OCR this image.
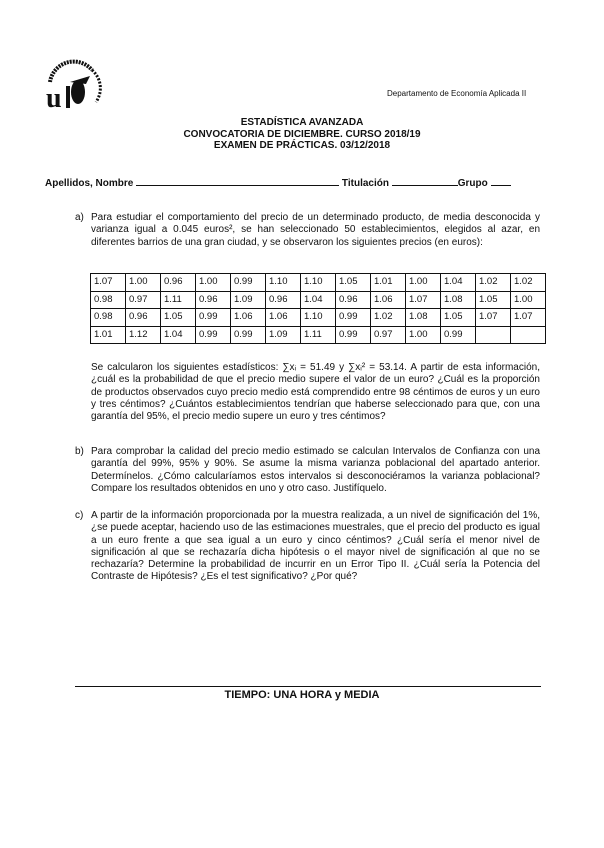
u	Departamento de Economía Aplicada II
ESTADÍSTICA AVANZADA
CONVOCATORIA DE DICIEMBRE. CURSO 2018/19
EXAMEN DE PRÁCTICAS. 03/12/2018
Apellidos, Nombre	Titulación	Grupo
a) Para estudiar el comportamiento del precio de un determinado producto, de media desconocida y varianza igual a 0.045 euros², se han seleccionado 50 establecimientos, elegidos al azar, en diferentes barrios de una gran ciudad, y se observaron los siguientes precios (en euros):
1.07	1.00	0.96	1.00	0.99	1.10	1.10	1.05	1.01	1.00	1.04	1.02	1.02
0.98	0.97	1.11	0.96	1.09	0.96	1.04	0.96	1.06	1.07	1.08	1.05	1.00
0.98	0.96	1.05	0.99	1.06	1.06	1.10	0.99	1.02	1.08	1.05	1.07	1.07
1.01	1.12	1.04	0.99	0.99	1.09	1.11	0.99	0.97	1.00	0.99		
Se calcularon los siguientes estadísticos: ∑xᵢ = 51.49 y ∑xᵢ² = 53.14. A partir de esta información, ¿cuál es la probabilidad de que el precio medio supere el valor de un euro? ¿Cuál es la proporción de productos observados cuyo precio medio está comprendido entre 98 céntimos de euros y un euro y tres céntimos? ¿Cuántos establecimientos tendrían que haberse seleccionado para que, con una garantía del 95%, el precio medio supere un euro y tres céntimos?
b) Para comprobar la calidad del precio medio estimado se calculan Intervalos de Confianza con una garantía del 99%, 95% y 90%. Se asume la misma varianza poblacional del apartado anterior. Determínelos. ¿Cómo calcularíamos estos intervalos si desconociéramos la varianza poblacional? Compare los resultados obtenidos en uno y otro caso. Justifíquelo.
c) A partir de la información proporcionada por la muestra realizada, a un nivel de significación del 1%, ¿se puede aceptar, haciendo uso de las estimaciones muestrales, que el precio del producto es igual a un euro frente a que sea igual a un euro y cinco céntimos? ¿Cuál sería el menor nivel de significación al que se rechazaría dicha hipótesis o el mayor nivel de significación al que no se rechazaría? Determine la probabilidad de incurrir en un Error Tipo II. ¿Cuál sería la Potencia del Contraste de Hipótesis? ¿Es el test significativo? ¿Por qué?
TIEMPO: UNA HORA y MEDIA
